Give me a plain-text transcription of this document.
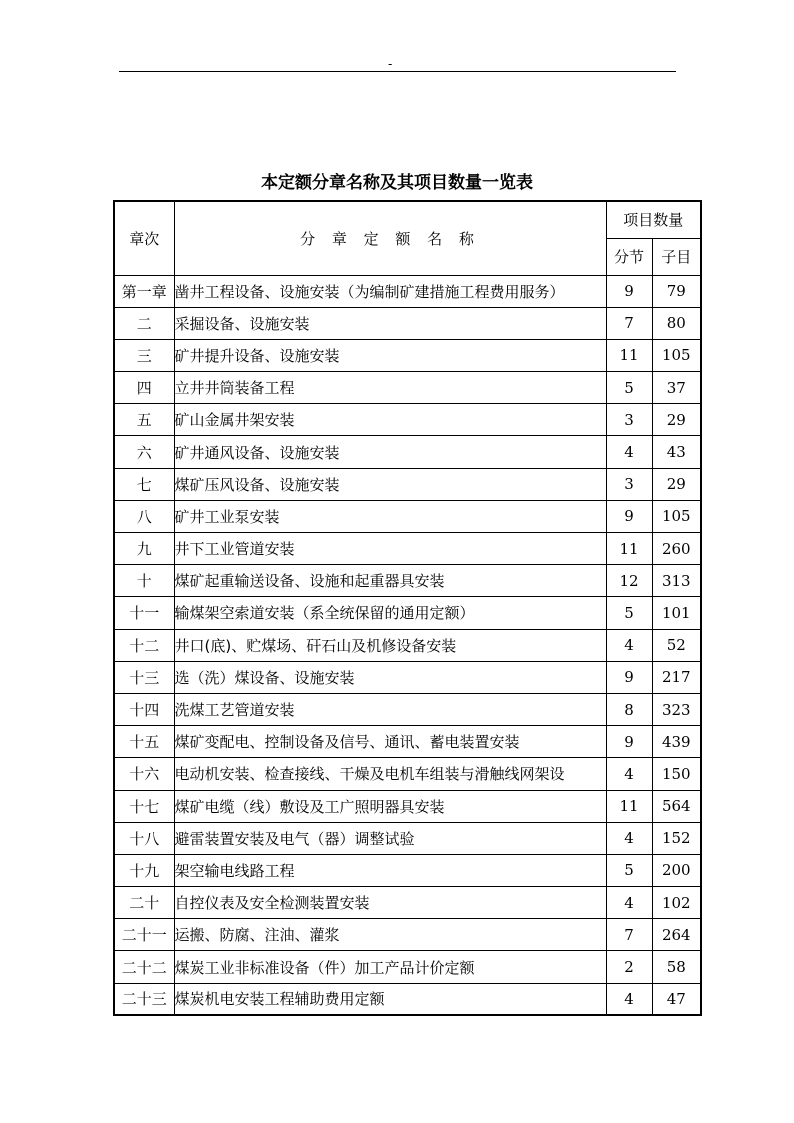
-
本定额分章名称及其项目数量一览表
章次	分 章 定 额 名 称	项目数量	
		分节	子目
第一章	凿井工程设备、设施安装（为编制矿建措施工程费用服务）	9	79
二	采掘设备、设施安装	7	80
三	矿井提升设备、设施安装	11	105
四	立井井筒装备工程	5	37
五	矿山金属井架安装	3	29
六	矿井通风设备、设施安装	4	43
七	煤矿压风设备、设施安装	3	29
八	矿井工业泵安装	9	105
九	井下工业管道安装	11	260
十	煤矿起重输送设备、设施和起重器具安装	12	313
十一	输煤架空索道安装（系全统保留的通用定额）	5	101
十二	井口(底)、贮煤场、矸石山及机修设备安装	4	52
十三	选（洗）煤设备、设施安装	9	217
十四	洗煤工艺管道安装	8	323
十五	煤矿变配电、控制设备及信号、通讯、蓄电装置安装	9	439
十六	电动机安装、检查接线、干燥及电机车组装与滑触线网架设	4	150
十七	煤矿电缆（线）敷设及工广照明器具安装	11	564
十八	避雷装置安装及电气（器）调整试验	4	152
十九	架空输电线路工程	5	200
二十	自控仪表及安全检测装置安装	4	102
二十一	运搬、防腐、注油、灌浆	7	264
二十二	煤炭工业非标准设备（件）加工产品计价定额	2	58
二十三	煤炭机电安装工程辅助费用定额	4	47
